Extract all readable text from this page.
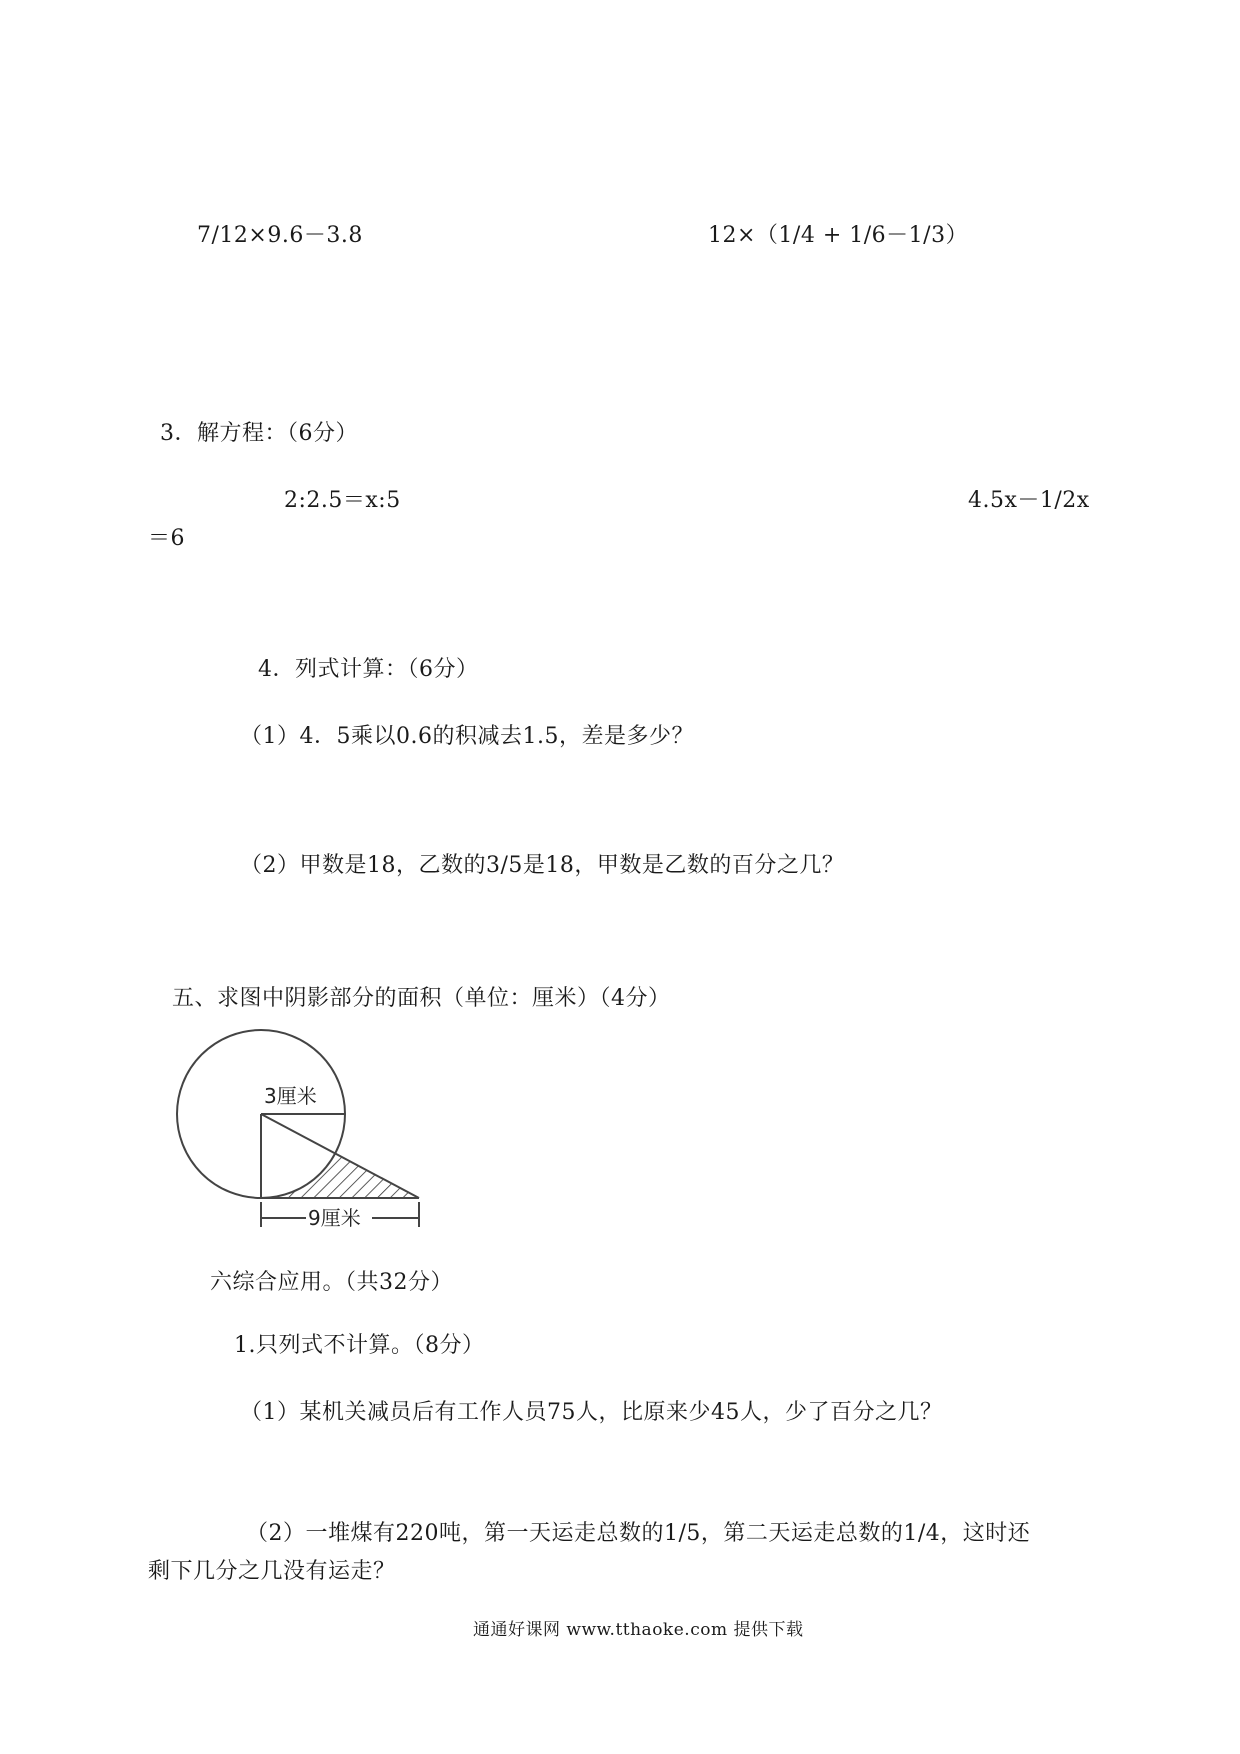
7/12×9.6－3.8	12×（1/4 + 1/6－1/3）
3．解方程：（6分）
2:2.5＝x:5	4.5x－1/2x
＝6
4．列式计算：（6分）
（1）4．5乘以0.6的积减去1.5，差是多少？
（2）甲数是18，乙数的3/5是18，甲数是乙数的百分之几？
五、求图中阴影部分的面积（单位：厘米）（4分）
3厘米
9厘米
六综合应用。（共32分）
1.只列式不计算。（8分）
（1）某机关减员后有工作人员75人，比原来少45人，少了百分之几？
（2）一堆煤有220吨，第一天运走总数的1/5，第二天运走总数的1/4，这时还
剩下几分之几没有运走？
通通好课网 www.tthaoke.com 提供下载
